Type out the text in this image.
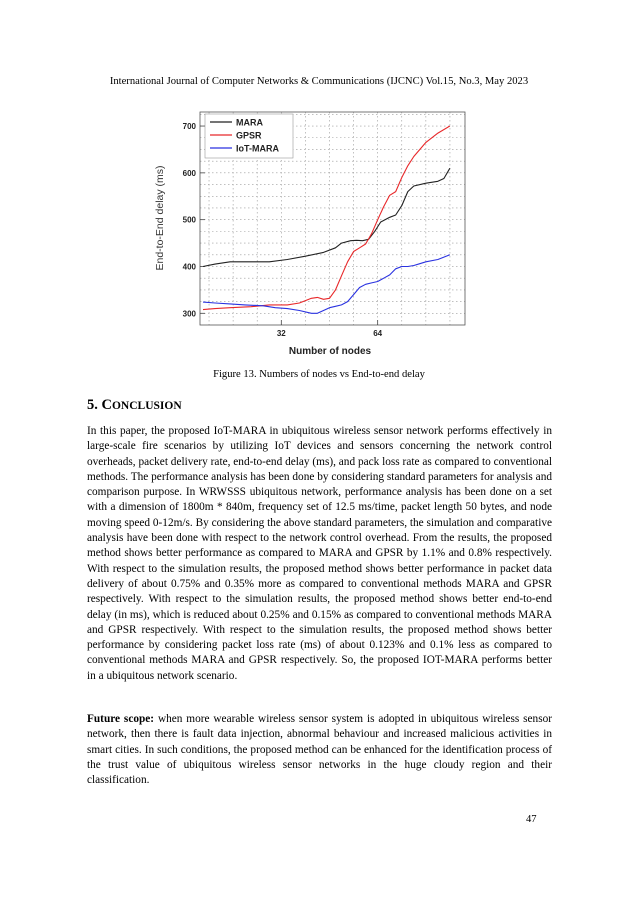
International Journal of Computer Networks & Communications (IJCNC) Vol.15, No.3, May 2023
300
400
500
600
700
32	64
MARA
GPSR
IoT-MARA
End-to-End delay (ms)
Number of nodes
Figure 13. Numbers of nodes vs End-to-end delay
5. CONCLUSION

In this paper, the proposed IoT-MARA in ubiquitous wireless sensor network performs effectively in large-scale fire scenarios by utilizing IoT devices and sensors concerning the network control overheads, packet delivery rate, end-to-end delay (ms), and pack loss rate as compared to conventional methods. The performance analysis has been done by considering standard parameters for analysis and comparison purpose. In WRWSSS ubiquitous network, performance analysis has been done on a set with a dimension of 1800m * 840m, frequency set of 12.5 ms/time, packet length 50 bytes, and node moving speed 0-12m/s. By considering the above standard parameters, the simulation and comparative analysis have been done with respect to the network control overhead. From the results, the proposed method shows better performance as compared to MARA and GPSR by 1.1% and 0.8% respectively. With respect to the simulation results, the proposed method shows better performance in packet data delivery of about 0.75% and 0.35% more as compared to conventional methods MARA and GPSR respectively. With respect to the simulation results, the proposed method shows better end-to-end delay (in ms), which is reduced about 0.25% and 0.15% as compared to conventional methods MARA and GPSR respectively. With respect to the simulation results, the proposed method shows better performance by considering packet loss rate (ms) of about 0.123% and 0.1% less as compared to conventional methods MARA and GPSR respectively. So, the proposed IOT-MARA performs better in a ubiquitous network scenario.

Future scope: when more wearable wireless sensor system is adopted in ubiquitous wireless sensor network, then there is fault data injection, abnormal behaviour and increased malicious activities in smart cities. In such conditions, the proposed method can be enhanced for the identification process of the trust value of ubiquitous wireless sensor networks in the huge cloudy region and their classification.

47
